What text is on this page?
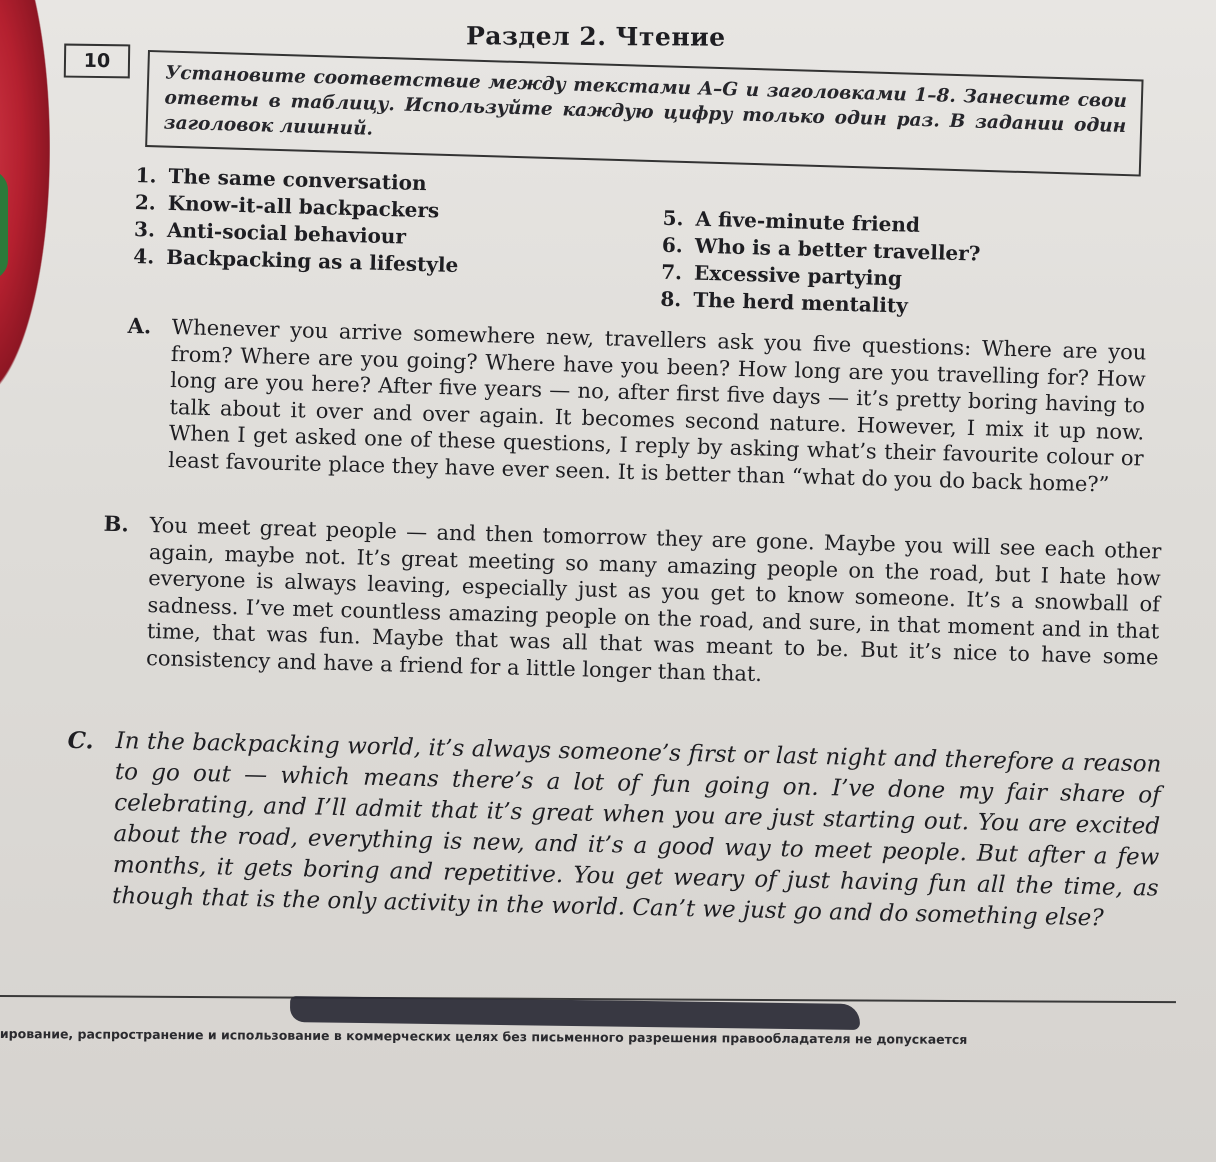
Раздел 2. Чтение
10
Установите соответствие между текстами A–G и заголовками 1–8. Занесите свои ответы в таблицу. Используйте каждую цифру только один раз. В задании один заголовок лишний.
1. The same conversation
2. Know-it-all backpackers
3. Anti-social behaviour
4. Backpacking as a lifestyle
5. A five-minute friend
6. Who is a better traveller?
7. Excessive partying
8. The herd mentality
A. Whenever you arrive somewhere new, travellers ask you five questions: Where are you from? Where are you going? Where have you been? How long are you travelling for? How long are you here? After five years — no, after first five days — it’s pretty boring having to talk about it over and over again. It becomes second nature. However, I mix it up now. When I get asked one of these questions, I reply by asking what’s their favourite colour or least favourite place they have ever seen. It is better than “what do you do back home?”
B. You meet great people — and then tomorrow they are gone. Maybe you will see each other again, maybe not. It’s great meeting so many amazing people on the road, but I hate how everyone is always leaving, especially just as you get to know someone. It’s a snowball of sadness. I’ve met countless amazing people on the road, and sure, in that moment and in that time, that was fun. Maybe that was all that was meant to be. But it’s nice to have some consistency and have a friend for a little longer than that.
C. In the backpacking world, it’s always someone’s first or last night and therefore a reason to go out — which means there’s a lot of fun going on. I’ve done my fair share of celebrating, and I’ll admit that it’s great when you are just starting out. You are excited about the road, everything is new, and it’s a good way to meet people. But after a few months, it gets boring and repetitive. You get weary of just having fun all the time, as though that is the only activity in the world. Can’t we just go and do something else?
ирование, распространение и использование в коммерческих целях без письменного разрешения правообладателя не допускается
